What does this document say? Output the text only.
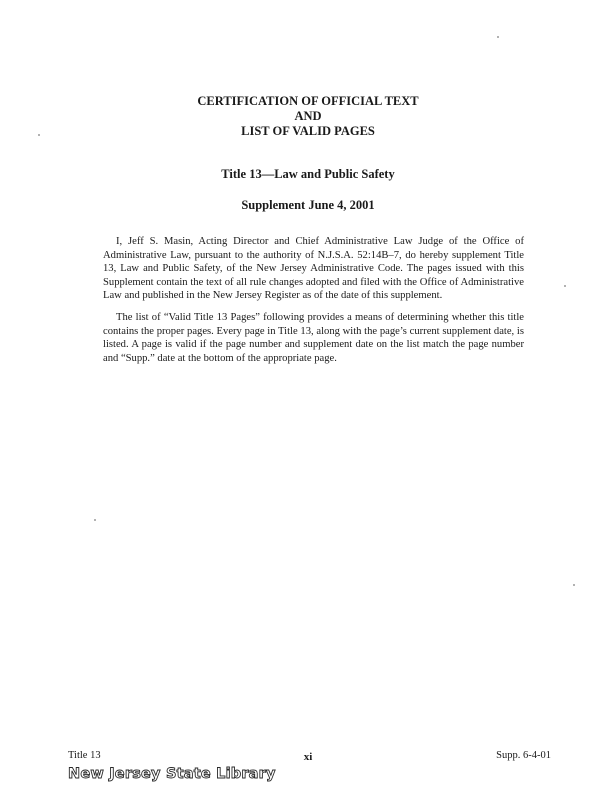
CERTIFICATION OF OFFICIAL TEXT
AND
LIST OF VALID PAGES
Title 13—Law and Public Safety
Supplement June 4, 2001

I, Jeff S. Masin, Acting Director and Chief Administrative Law Judge of the Office of Administrative Law, pursuant to the authority of N.J.S.A. 52:14B–7, do hereby supplement Title 13, Law and Public Safety, of the New Jersey Administrative Code. The pages issued with this Supplement contain the text of all rule changes adopted and filed with the Office of Administrative Law and published in the New Jersey Register as of the date of this supplement.

The list of “Valid Title 13 Pages” following provides a means of determining whether this title contains the proper pages. Every page in Title 13, along with the page’s current supplement date, is listed. A page is valid if the page number and supplement date on the list match the page number and “Supp.” date at the bottom of the appropriate page.

Title 13	xi	Supp. 6-4-01
New Jersey State Library
